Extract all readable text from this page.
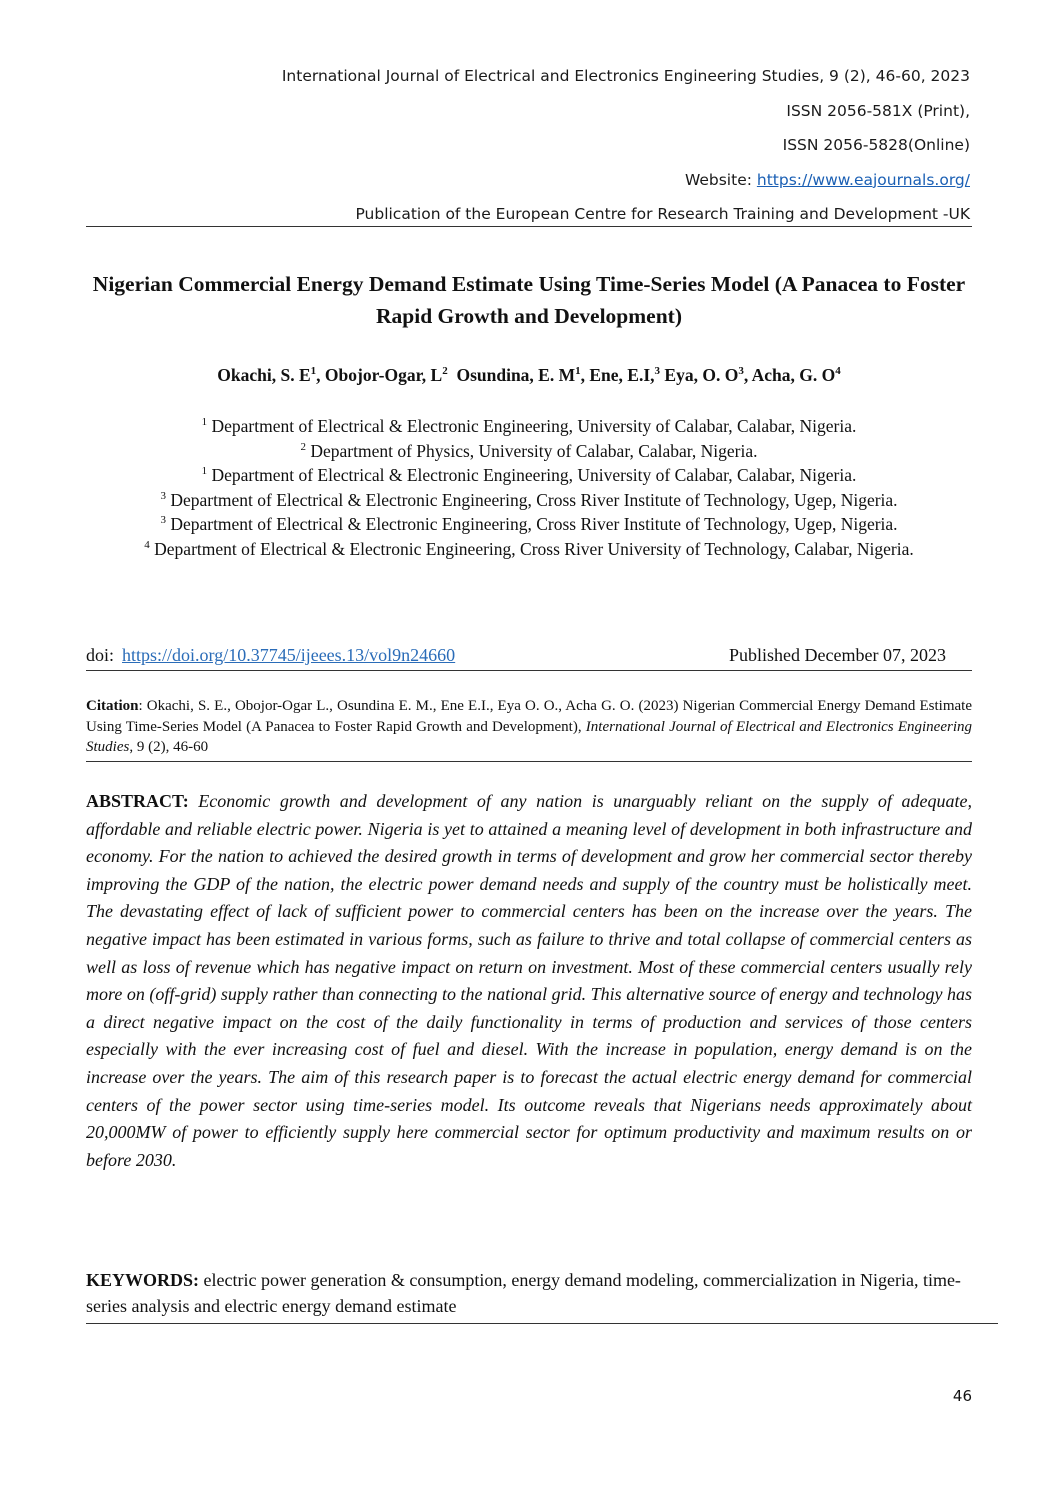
International Journal of Electrical and Electronics Engineering Studies, 9 (2), 46-60, 2023
ISSN 2056-581X (Print),
ISSN 2056-5828(Online)
Website: https://www.eajournals.org/
Publication of the European Centre for Research Training and Development -UK
Nigerian Commercial Energy Demand Estimate Using Time-Series Model (A Panacea to Foster Rapid Growth and Development)
Okachi, S. $E^1$, Obojor-Ogar, $L^2$ Osundina, E. $M^1$, Ene, E.I,$^3$ Eya, O. $O^3$, Acha, G. $O^4$

$^1$ Department of Electrical & Electronic Engineering, University of Calabar, Calabar, Nigeria.

$^2$ Department of Physics, University of Calabar, Calabar, Nigeria.

$^1$ Department of Electrical & Electronic Engineering, University of Calabar, Calabar, Nigeria.

$^3$ Department of Electrical & Electronic Engineering, Cross River Institute of Technology, Ugep, Nigeria.

$^3$ Department of Electrical & Electronic Engineering, Cross River Institute of Technology, Ugep, Nigeria.

$^4$ Department of Electrical & Electronic Engineering, Cross River University of Technology, Calabar, Nigeria.

doi: https://doi.org/10.37745/ijeees.13/vol9n24660	Published December 07, 2023
Citation: Okachi, S. E., Obojor-Ogar L., Osundina E. M., Ene E.I., Eya O. O., Acha G. O. (2023) Nigerian Commercial Energy Demand Estimate Using Time-Series Model (A Panacea to Foster Rapid Growth and Development), International Journal of Electrical and Electronics Engineering Studies, 9 (2), 46-60
ABSTRACT: Economic growth and development of any nation is unarguably reliant on the supply of adequate, affordable and reliable electric power. Nigeria is yet to attained a meaning level of development in both infrastructure and economy. For the nation to achieved the desired growth in terms of development and grow her commercial sector thereby improving the GDP of the nation, the electric power demand needs and supply of the country must be holistically meet. The devastating effect of lack of sufficient power to commercial centers has been on the increase over the years. The negative impact has been estimated in various forms, such as failure to thrive and total collapse of commercial centers as well as loss of revenue which has negative impact on return on investment. Most of these commercial centers usually rely more on (off-grid) supply rather than connecting to the national grid. This alternative source of energy and technology has a direct negative impact on the cost of the daily functionality in terms of production and services of those centers especially with the ever increasing cost of fuel and diesel. With the increase in population, energy demand is on the increase over the years. The aim of this research paper is to forecast the actual electric energy demand for commercial centers of the power sector using time-series model. Its outcome reveals that Nigerians needs approximately about 20,000MW of power to efficiently supply here commercial sector for optimum productivity and maximum results on or before 2030.
KEYWORDS: electric power generation & consumption, energy demand modeling, commercialization in Nigeria, time-series analysis and electric energy demand estimate
46
